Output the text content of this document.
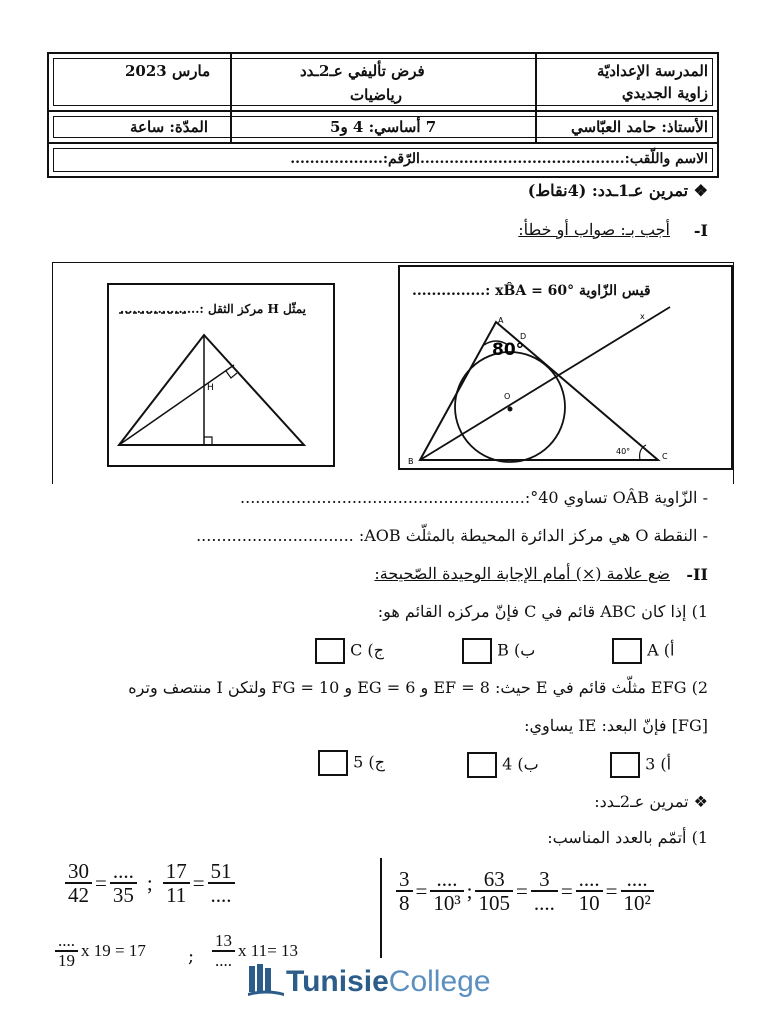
المدرسة الإعداديّة
زاوية الجديدي
فرض تأليفي عـ2ـدد
رياضيات
مارس 2023
الأستاذ: حامد العبّاسي
7 أساسي: 4 و5
المدّة: ساعة
الاسم واللّقب:..........................................الرّقم:...................
❖ تمرين عـ1ـدد: (4نقاط)
I-
أجب بـ: صواب أو خطأ:
H
يمثّل H مركز الثقل :...................
A
B
C
O
D
x
40°
80°
قيس الزّاوية xB̂A = 60° :...............
- الزّاوية OÂB تساوي 40°:........................................................
- النقطة O هي مركز الدائرة المحيطة بالمثلّث AOB: ...............................
II-
ضع علامة (×) أمام الإجابة الوحيدة الصّحيحة:
1) إذا كان ABC قائم في C فإنّ مركزه القائم هو:
أ) A
ب) B
ج) C
2) EFG مثلّث قائم في E حيث: EF = 8 و EG = 6 و FG = 10 ولتكن I منتصف وتره
[FG] فإنّ البعد: IE يساوي:
أ) 3
ب) 4
ج) 5
❖ تمرين عـ2ـدد:
1) أتمّم بالعدد المناسب:
$\frac{3}{8} = \frac{....}{\text{10³}}$ ; $\frac{63}{105} = \frac{3}{....} = \frac{....}{10} = \frac{....}{\text{10²}}$
$\frac{30}{42} = \frac{....}{35}$ ; $\frac{17}{11} = \frac{51}{....}$
$\frac{....}{19}$ x 19 = 17 ; $\frac{13}{....}$ x 11= 13
TunisieCollege
